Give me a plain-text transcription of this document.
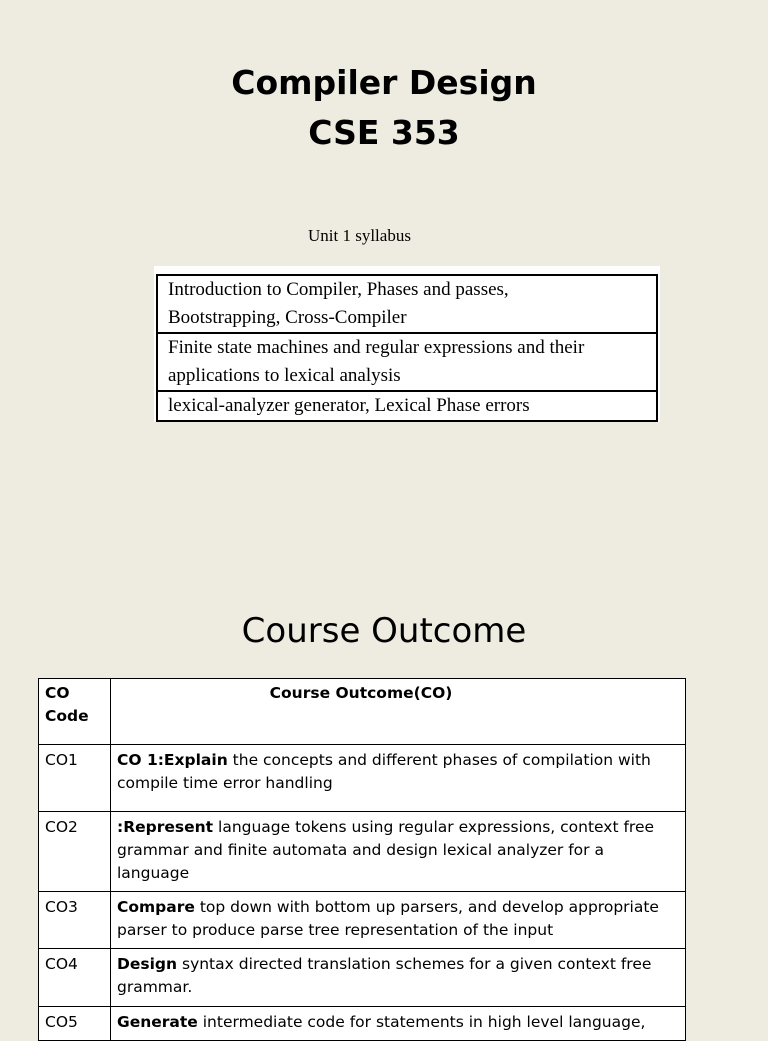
Compiler Design
CSE 353
Unit 1 syllabus
Introduction to Compiler, Phases and passes,
Bootstrapping, Cross-Compiler

Finite state machines and regular expressions and their
applications to lexical analysis

lexical-analyzer generator, Lexical Phase errors
Course Outcome
CO
Code	Course Outcome(CO)
CO1	CO 1:Explain the concepts and different phases of compilation with compile time error handling
CO2	:Represent language tokens using regular expressions, context free grammar and finite automata and design lexical analyzer for a language
CO3	Compare top down with bottom up parsers, and develop appropriate parser to produce parse tree representation of the input
CO4	Design syntax directed translation schemes for a given context free grammar.
CO5	Generate intermediate code for statements in high level language,
